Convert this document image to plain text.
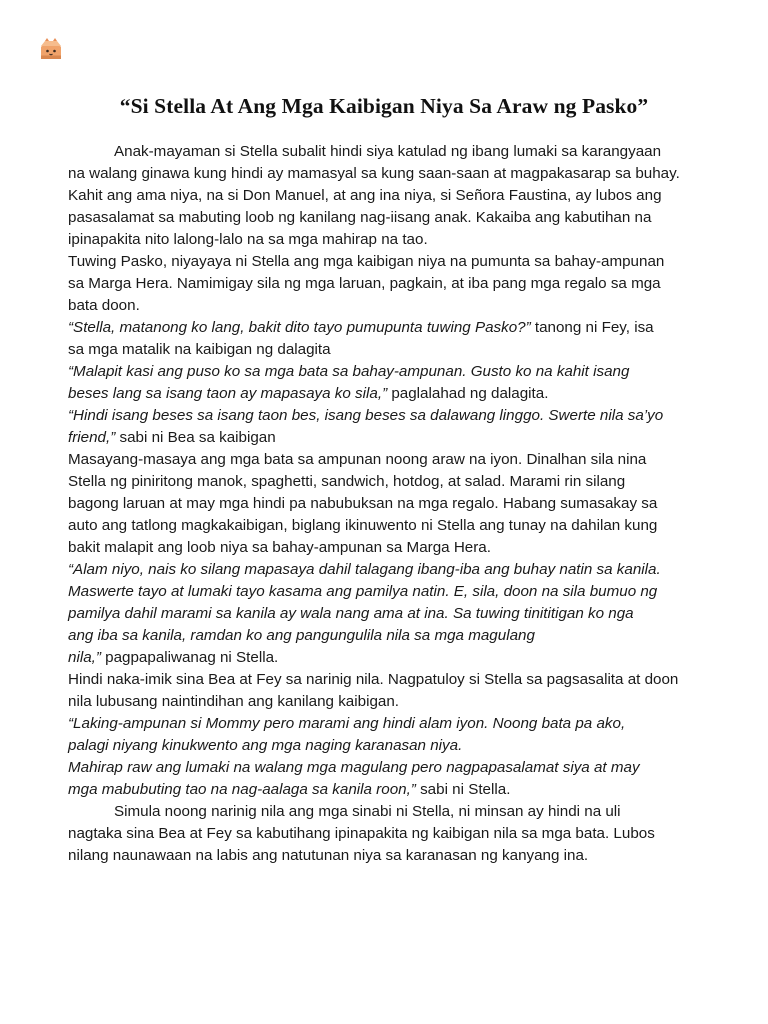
“Si Stella At Ang Mga Kaibigan Niya Sa Araw ng Pasko”
Anak-mayaman si Stella subalit hindi siya katulad ng ibang lumaki sa karangyaan
na walang ginawa kung hindi ay mamasyal sa kung saan-saan at magpakasarap sa buhay.
Kahit ang ama niya, na si Don Manuel, at ang ina niya, si Señora Faustina, ay lubos ang
pasasalamat sa mabuting loob ng kanilang nag-iisang anak. Kakaiba ang kabutihan na
ipinapakita nito lalong-lalo na sa mga mahirap na tao.
Tuwing Pasko, niyayaya ni Stella ang mga kaibigan niya na pumunta sa bahay-ampunan
sa Marga Hera. Namimigay sila ng mga laruan, pagkain, at iba pang mga regalo sa mga
bata doon.
“Stella, matanong ko lang, bakit dito tayo pumupunta tuwing Pasko?” tanong ni Fey, isa
sa mga matalik na kaibigan ng dalagita
“Malapit kasi ang puso ko sa mga bata sa bahay-ampunan. Gusto ko na kahit isang
beses lang sa isang taon ay mapasaya ko sila,” paglalahad ng dalagita.
“Hindi isang beses sa isang taon bes, isang beses sa dalawang linggo. Swerte nila sa’yo
friend,” sabi ni Bea sa kaibigan
Masayang-masaya ang mga bata sa ampunan noong araw na iyon. Dinalhan sila nina
Stella ng piniritong manok, spaghetti, sandwich, hotdog, at salad. Marami rin silang
bagong laruan at may mga hindi pa nabubuksan na mga regalo. Habang sumasakay sa
auto ang tatlong magkakaibigan, biglang ikinuwento ni Stella ang tunay na dahilan kung
bakit malapit ang loob niya sa bahay-ampunan sa Marga Hera.
“Alam niyo, nais ko silang mapasaya dahil talagang ibang-iba ang buhay natin sa kanila.
Maswerte tayo at lumaki tayo kasama ang pamilya natin. E, sila, doon na sila bumuo ng
pamilya dahil marami sa kanila ay wala nang ama at ina. Sa tuwing tinititigan ko nga
ang iba sa kanila, ramdan ko ang pangungulila nila sa mga magulang
nila,” pagpapaliwanag ni Stella.
Hindi naka-imik sina Bea at Fey sa narinig nila. Nagpatuloy si Stella sa pagsasalita at doon
nila lubusang naintindihan ang kanilang kaibigan.
“Laking-ampunan si Mommy pero marami ang hindi alam iyon. Noong bata pa ako,
palagi niyang kinukwento ang mga naging karanasan niya.
Mahirap raw ang lumaki na walang mga magulang pero nagpapasalamat siya at may
mga mabubuting tao na nag-aalaga sa kanila roon,” sabi ni Stella.
Simula noong narinig nila ang mga sinabi ni Stella, ni minsan ay hindi na uli
nagtaka sina Bea at Fey sa kabutihang ipinapakita ng kaibigan nila sa mga bata. Lubos
nilang naunawaan na labis ang natutunan niya sa karanasan ng kanyang ina.
